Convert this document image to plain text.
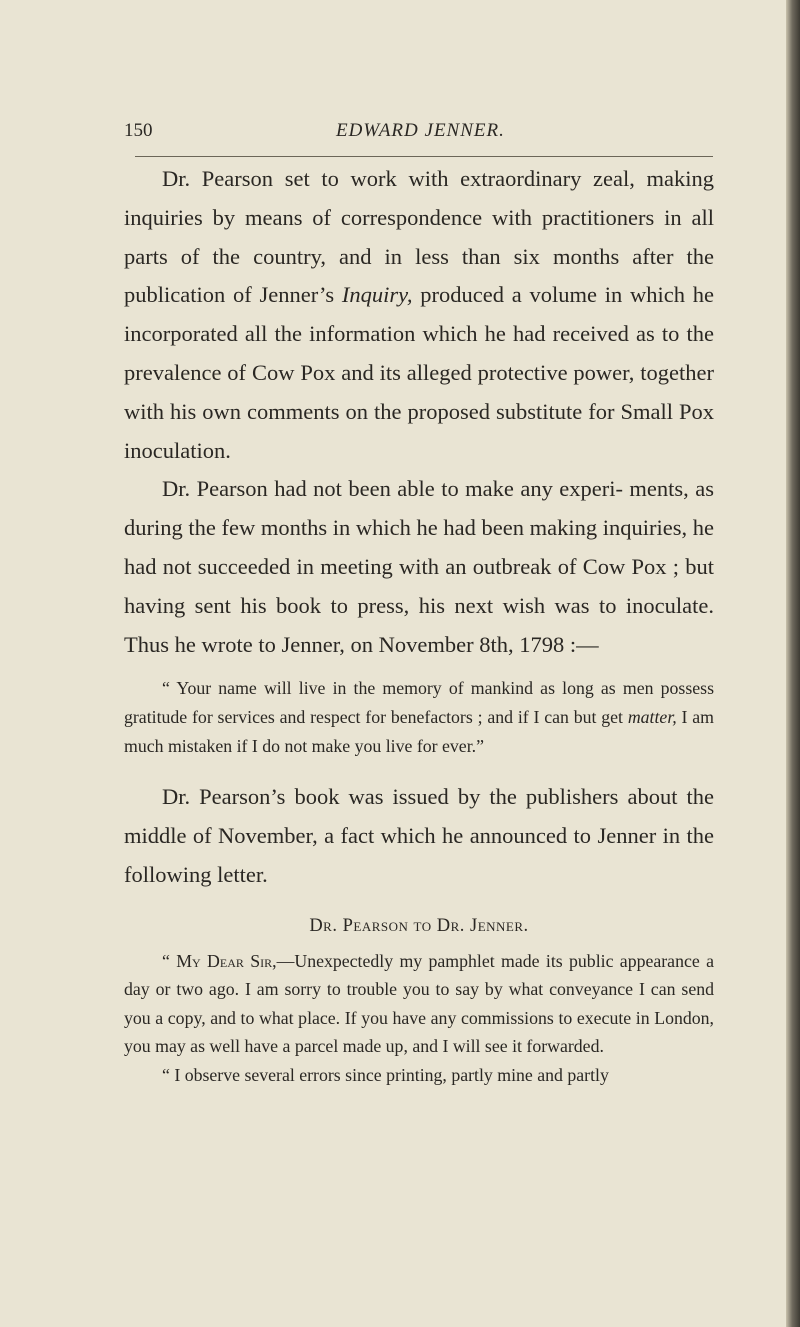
150	EDWARD JENNER.

Dr. Pearson set to work with extraordinary zeal, making inquiries by means of correspondence with practitioners in all parts of the country, and in less than six months after the publication of Jenner’s Inquiry, produced a volume in which he incorporated all the information which he had received as to the prevalence of Cow Pox and its alleged protective power, together with his own comments on the proposed substitute for Small Pox inoculation.

Dr. Pearson had not been able to make any experi- ments, as during the few months in which he had been making inquiries, he had not succeeded in meeting with an outbreak of Cow Pox ; but having sent his book to press, his next wish was to inoculate. Thus he wrote to Jenner, on November 8th, 1798 :—

“ Your name will live in the memory of mankind as long as men possess gratitude for services and respect for benefactors ; and if I can but get matter, I am much mistaken if I do not make you live for ever.”

Dr. Pearson’s book was issued by the publishers about the middle of November, a fact which he announced to Jenner in the following letter.

Dr. Pearson to Dr. Jenner.

“ My Dear Sir,—Unexpectedly my pamphlet made its public appearance a day or two ago. I am sorry to trouble you to say by what conveyance I can send you a copy, and to what place. If you have any commissions to execute in London, you may as well have a parcel made up, and I will see it forwarded.

“ I observe several errors since printing, partly mine and partly
